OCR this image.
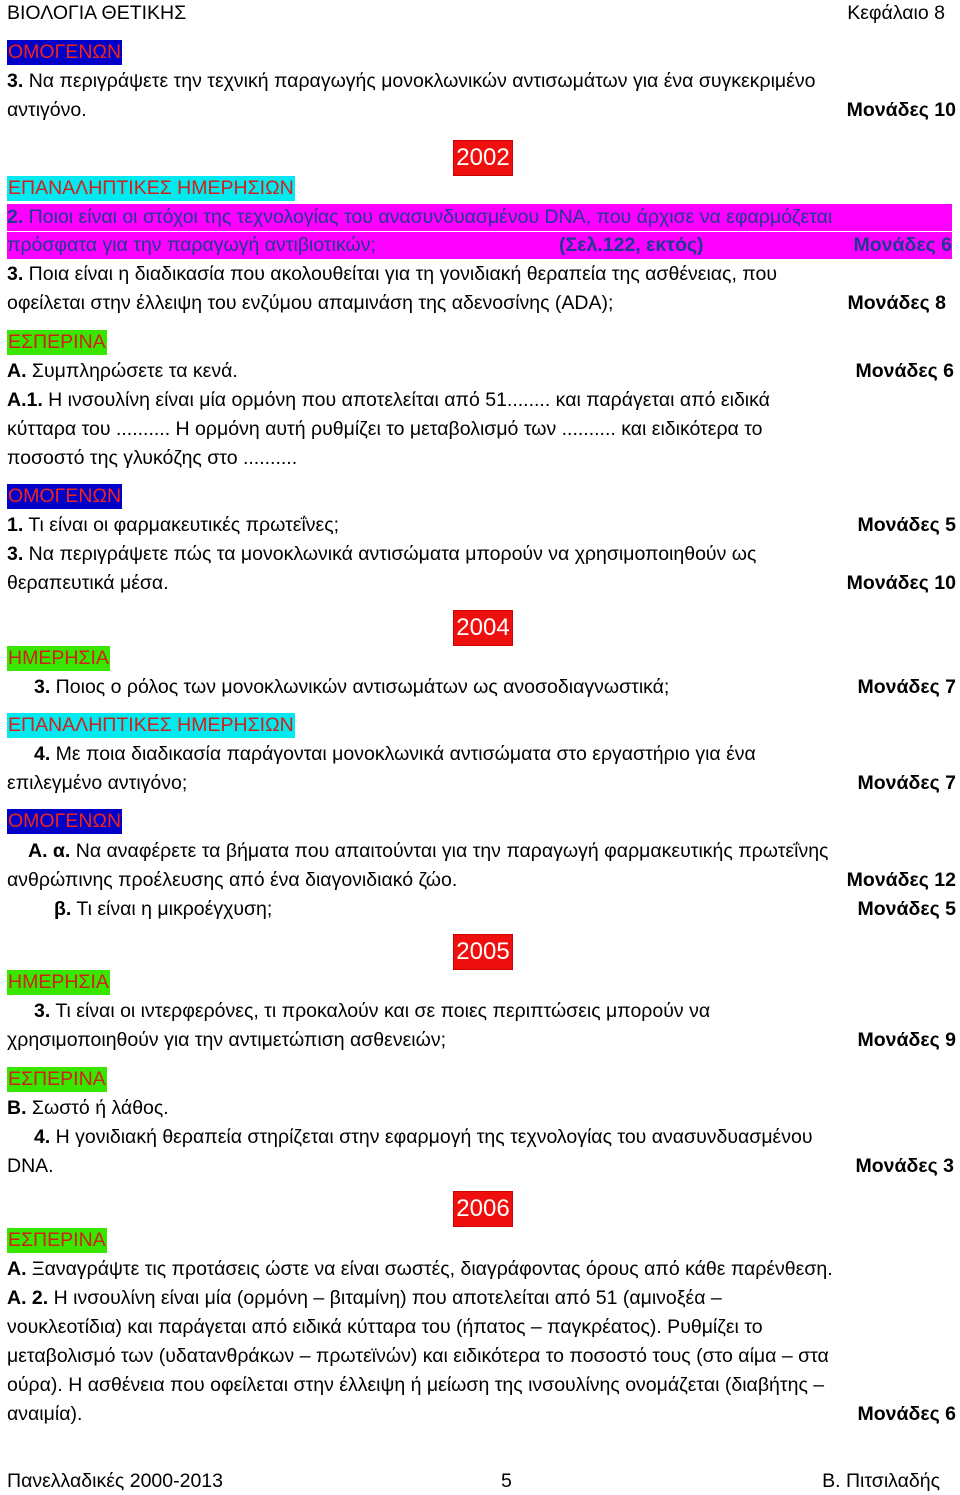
ΒΙΟΛΟΓΙΑ ΘΕΤΙΚΗΣ	Κεφάλαιο 8
ΟΜΟΓΕΝΩΝ
3. Να περιγράψετε την τεχνική παραγωγής μονοκλωνικών αντισωμάτων για ένα συγκεκριμένο
αντιγόνο.	Μονάδες 10
2002
ΕΠΑΝΑΛΗΠΤΙΚΕΣ ΗΜΕΡΗΣΙΩΝ
2. Ποιοι είναι οι στόχοι της τεχνολογίας του ανασυνδυασμένου DNA, που άρχισε να εφαρμόζεται
πρόσφατα για την παραγωγή αντιβιοτικών;	(Σελ.122, εκτός)	Μονάδες 6
3. Ποια είναι η διαδικασία που ακολουθείται για τη γονιδιακή θεραπεία της ασθένειας, που
οφείλεται στην έλλειψη του ενζύμου απαμινάση της αδενοσίνης (ADA);	Μονάδες 8
ΕΣΠΕΡΙΝΑ
Α. Συμπληρώσετε τα κενά.	Μονάδες 6
Α.1. Η ινσουλίνη είναι μία ορμόνη που αποτελείται από 51........ και παράγεται από ειδικά
κύτταρα του .......... Η ορμόνη αυτή ρυθμίζει το μεταβολισμό των .......... και ειδικότερα το
ποσοστό της γλυκόζης στο ..........
ΟΜΟΓΕΝΩΝ
1. Τι είναι οι φαρμακευτικές πρωτεΐνες;	Μονάδες 5
3. Να περιγράψετε πώς τα μονοκλωνικά αντισώματα μπορούν να χρησιμοποιηθούν ως
θεραπευτικά μέσα.	Μονάδες 10
2004
ΗΜΕΡΗΣΙΑ
3. Ποιος ο ρόλος των μονοκλωνικών αντισωμάτων ως ανοσοδιαγνωστικά;	Μονάδες 7
ΕΠΑΝΑΛΗΠΤΙΚΕΣ ΗΜΕΡΗΣΙΩΝ
4. Με ποια διαδικασία παράγονται μονοκλωνικά αντισώματα στο εργαστήριο για ένα
επιλεγμένο αντιγόνο;	Μονάδες 7
ΟΜΟΓΕΝΩΝ
Α. α. Να αναφέρετε τα βήματα που απαιτούνται για την παραγωγή φαρμακευτικής πρωτεΐνης
ανθρώπινης προέλευσης από ένα διαγονιδιακό ζώο.	Μονάδες 12
β. Τι είναι η μικροέγχυση;	Μονάδες 5
2005
ΗΜΕΡΗΣΙΑ
3. Τι είναι οι ιντερφερόνες, τι προκαλούν και σε ποιες περιπτώσεις μπορούν να
χρησιμοποιηθούν για την αντιμετώπιση ασθενειών;	Μονάδες 9
ΕΣΠΕΡΙΝΑ
Β. Σωστό ή λάθος.
4. Η γονιδιακή θεραπεία στηρίζεται στην εφαρμογή της τεχνολογίας του ανασυνδυασμένου
DNA.	Μονάδες 3
2006
ΕΣΠΕΡΙΝΑ
Α. Ξαναγράψτε τις προτάσεις ώστε να είναι σωστές, διαγράφοντας όρους από κάθε παρένθεση.
Α. 2. Η ινσουλίνη είναι μία (ορμόνη – βιταμίνη) που αποτελείται από 51 (αμινοξέα –
νουκλεοτίδια) και παράγεται από ειδικά κύτταρα του (ήπατος – παγκρέατος). Ρυθμίζει το
μεταβολισμό των (υδατανθράκων – πρωτεϊνών) και ειδικότερα το ποσοστό τους (στο αίμα – στα
ούρα). Η ασθένεια που οφείλεται στην έλλειψη ή μείωση της ινσουλίνης ονομάζεται (διαβήτης –
αναιμία).	Μονάδες 6
Πανελλαδικές 2000-2013	5	Β. Πιτσιλαδής
